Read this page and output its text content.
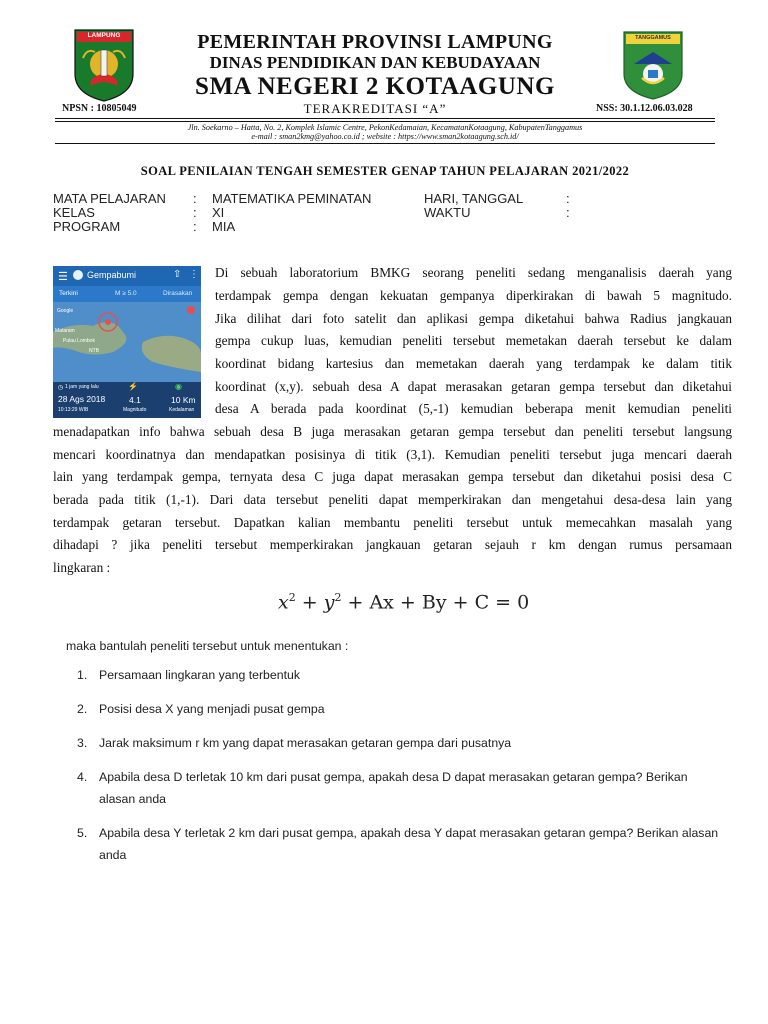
LAMPUNG	TANGGAMUS
PEMERINTAH PROVINSI LAMPUNG
DINAS PENDIDIKAN DAN KEBUDAYAAN
SMA NEGERI 2 KOTAAGUNG
NPSN : 10805049	TERAKREDITASI “A”	NSS: 30.1.12.06.03.028
Jln. Soekarno – Hatta, No. 2, Komplek Islamic Centre, PekonKedamaian, KecamatanKotaagung, KabupatenTanggamus
e-mail : sman2kmg@yahoo.co.id ; website : https://www.sman2kotaagung.sch.id/
SOAL PENILAIAN TENGAH SEMESTER GENAP TAHUN PELAJARAN 2021/2022
MATA PELAJARAN : MATEMATIKA PEMINATAN
KELAS	: XI
PROGRAM	: MIA
HARI, TANGGAL	:
WAKTU	:
☰ Gempabumi	⇧ ⋮
Terkini	M ≥ 5.0	Dirasakan
Google
Mataram
Pulau Lombok
NTB
◷ 1 jam yang lalu
28 Ags 2018
10:13:29 WIB
⚡
4.1
Magnitudo
◉
10 Km
Kedalaman
Di sebuah laboratorium BMKG seorang peneliti sedang menganalisis daerah yang
terdampak gempa dengan kekuatan gempanya diperkirakan di bawah 5 magnitudo.
Jika dilihat dari foto satelit dan aplikasi gempa diketahui bahwa Radius jangkauan
gempa cukup luas, kemudian peneliti tersebut memetakan daerah tersebut ke dalam
koordinat bidang kartesius dan memetakan daerah yang terdampak ke dalam titik
koordinat (x,y). sebuah desa A dapat merasakan getaran gempa tersebut dan diketahui
desa A berada pada koordinat (5,-1) kemudian beberapa menit kemudian peneliti
menadapatkan info bahwa sebuah desa B juga merasakan getaran gempa tersebut dan peneliti tersebut langsung
mencari koordinatnya dan mendapatkan posisinya di titik (3,1). Kemudian peneliti tersebut juga mencari daerah
lain yang terdampak gempa, ternyata desa C juga dapat merasakan gempa tersebut dan diketahui posisi desa C
berada pada titik (1,-1). Dari data tersebut peneliti dapat memperkirakan dan mengetahui desa-desa lain yang
terdampak getaran tersebut. Dapatkan kalian membantu peneliti tersebut untuk memecahkan masalah yang
dihadapi ? jika peneliti tersebut memperkirakan jangkauan getaran sejauh r km dengan rumus persamaan
lingkaran :
$x^2 + y^2 + Ax + By + C = 0$
maka bantulah peneliti tersebut untuk menentukan :
1. Persamaan lingkaran yang terbentuk
2. Posisi desa X yang menjadi pusat gempa
3. Jarak maksimum r km yang dapat merasakan getaran gempa dari pusatnya
4. Apabila desa D terletak 10 km dari pusat gempa, apakah desa D dapat merasakan getaran gempa? Berikan alasan anda
5. Apabila desa Y terletak 2 km dari pusat gempa, apakah desa Y dapat merasakan getaran gempa? Berikan alasan anda
